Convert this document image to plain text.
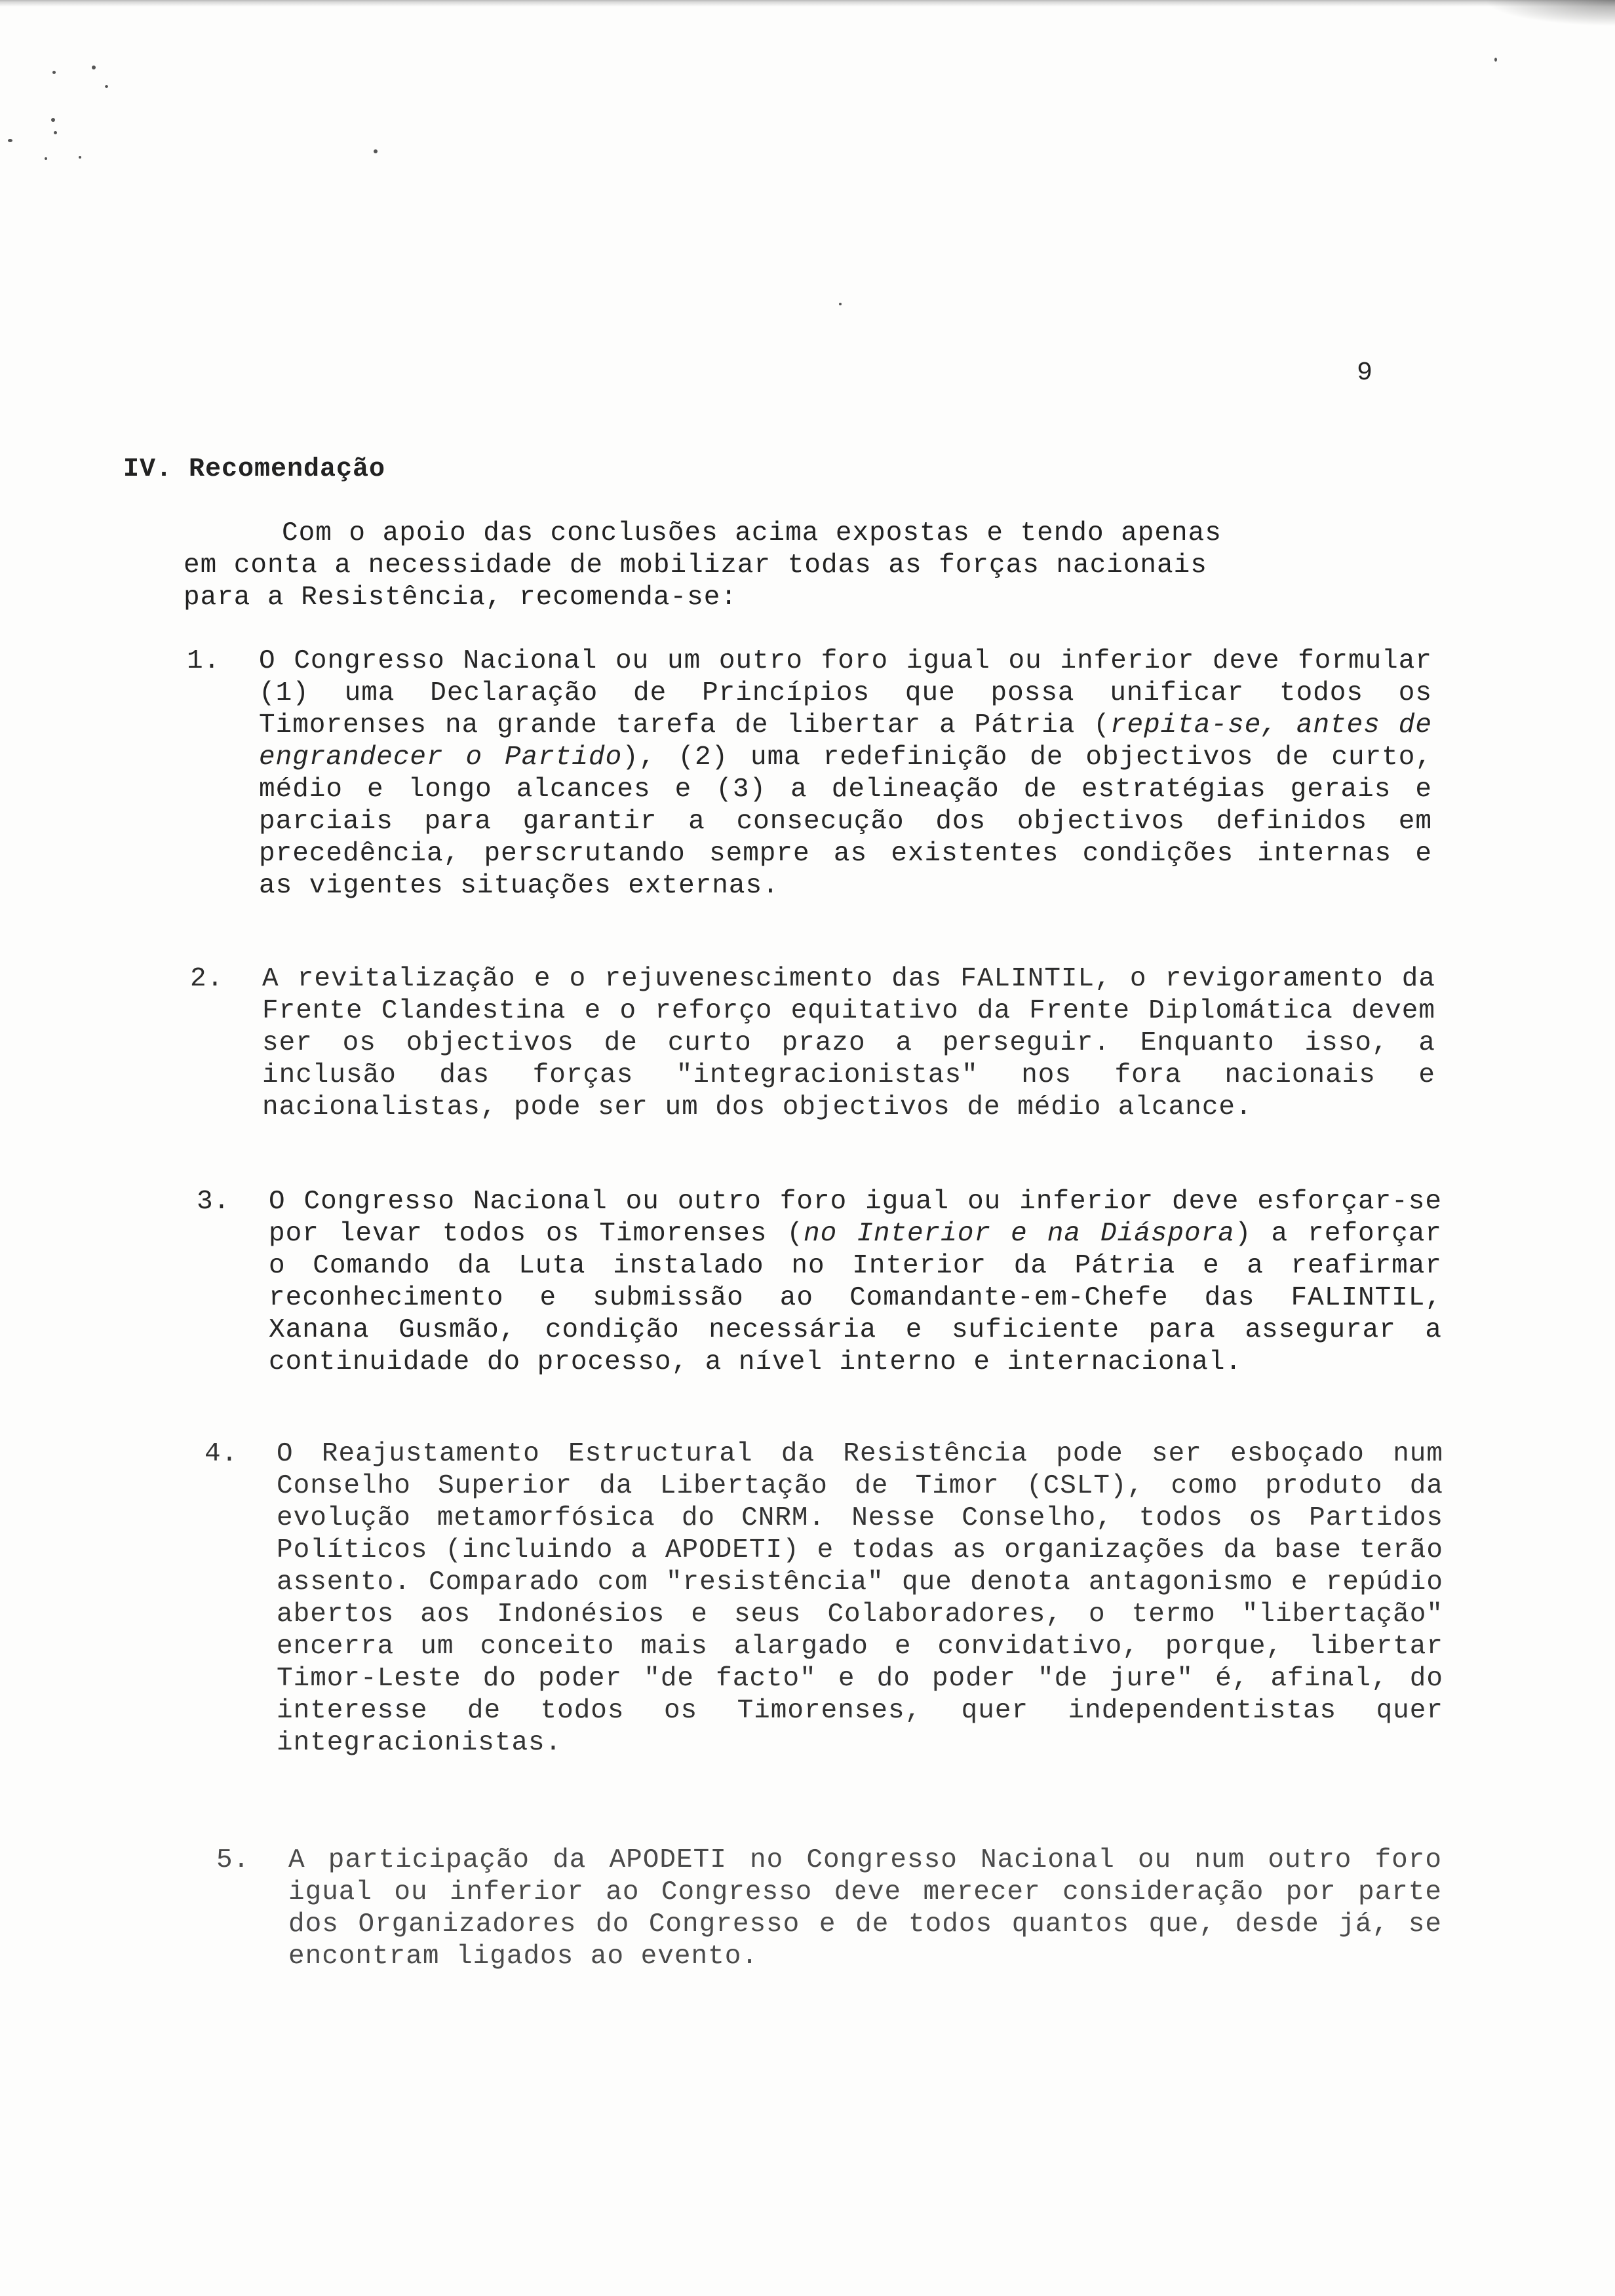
9
IV. Recomendação
Com o apoio das conclusões acima expostas e tendo apenas
em conta a necessidade de mobilizar todas as forças nacionais
para a Resistência, recomenda-se:
1. O Congresso Nacional ou um outro foro igual ou inferior deve formular (1) uma Declaração de Princípios que possa unificar todos os Timorenses na grande tarefa de libertar a Pátria (repita-se, antes de engrandecer o Partido), (2) uma redefinição de objectivos de curto, médio e longo alcances e (3) a delineação de estratégias gerais e parciais para garantir a consecução dos objectivos definidos em precedência, perscrutando sempre as existentes condições internas e as vigentes situações externas.
2. A revitalização e o rejuvenescimento das FALINTIL, o revigoramento da Frente Clandestina e o reforço equitativo da Frente Diplomática devem ser os objectivos de curto prazo a perseguir. Enquanto isso, a inclusão das forças "integracionistas" nos fora nacionais e nacionalistas, pode ser um dos objectivos de médio alcance.
3. O Congresso Nacional ou outro foro igual ou inferior deve esforçar-se por levar todos os Timorenses (no Interior e na Diáspora) a reforçar o Comando da Luta instalado no Interior da Pátria e a reafirmar reconhecimento e submissão ao Comandante-em-Chefe das FALINTIL, Xanana Gusmão, condição necessária e suficiente para assegurar a continuidade do processo, a nível interno e internacional.
4. O Reajustamento Estructural da Resistência pode ser esboçado num Conselho Superior da Libertação de Timor (CSLT), como produto da evolução metamorfósica do CNRM. Nesse Conselho, todos os Partidos Políticos (incluindo a APODETI) e todas as organizações da base terão assento. Comparado com "resistência" que denota antagonismo e repúdio abertos aos Indonésios e seus Colaboradores, o termo "libertação" encerra um conceito mais alargado e convidativo, porque, libertar Timor-Leste do poder "de facto" e do poder "de jure" é, afinal, do interesse de todos os Timorenses, quer independentistas quer integracionistas.
5. A participação da APODETI no Congresso Nacional ou num outro foro igual ou inferior ao Congresso deve merecer consideração por parte dos Organizadores do Congresso e de todos quantos que, desde já, se encontram ligados ao evento.
